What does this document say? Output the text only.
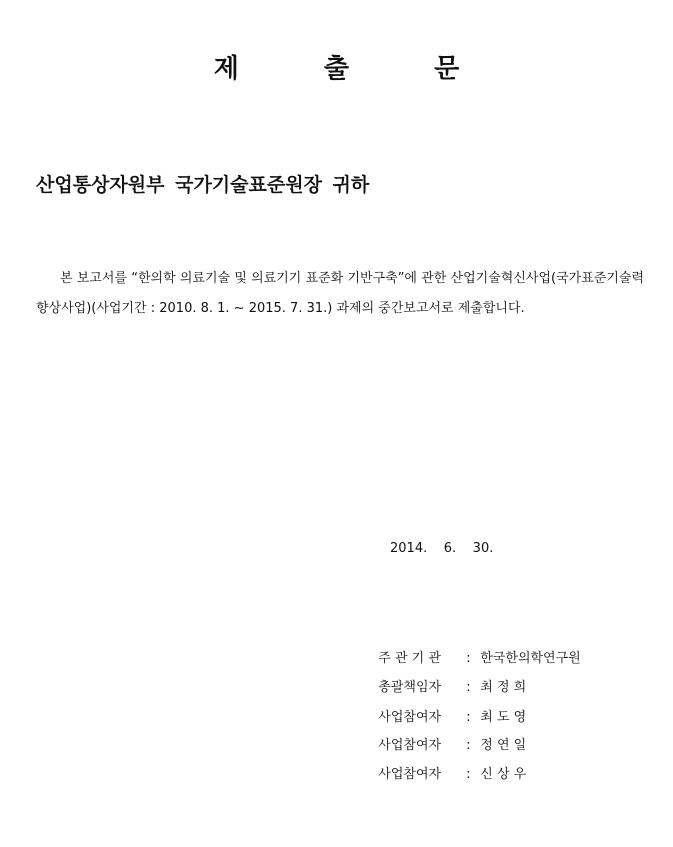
제 출 문
산업통상자원부 국가기술표준원장 귀하

본 보고서를 “한의학 의료기술 및 의료기기 표준화 기반구축”에 관한 산업기술혁신사업(국가표준기술력향상사업)(사업기간 : 2010. 8. 1. ~ 2015. 7. 31.) 과제의 중간보고서로 제출합니다.

2014.    6.    30.

주 관 기 관 : 한국한의학연구원

총괄책임자 : 최 정 희

사업참여자 : 최 도 영

사업참여자 : 정 연 일

사업참여자 : 신 상 우
